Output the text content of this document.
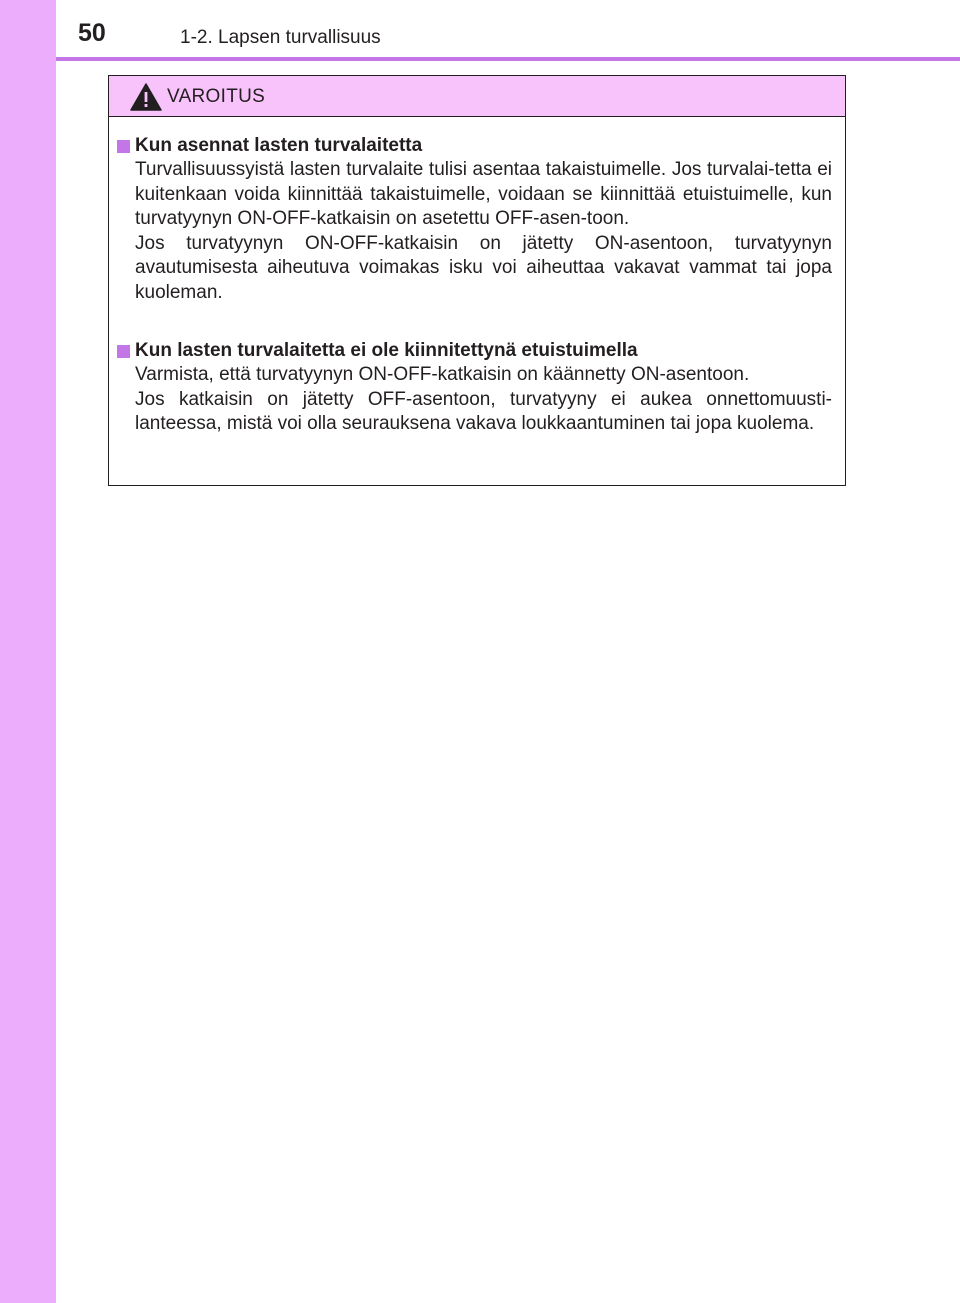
50	1-2. Lapsen turvallisuus
VAROITUS

Kun asennat lasten turvalaitetta

Turvallisuussyistä lasten turvalaite tulisi asentaa takaistuimelle. Jos turvalai-tetta ei kuitenkaan voida kiinnittää takaistuimelle, voidaan se kiinnittää etuistuimelle, kun turvatyynyn ON-OFF-katkaisin on asetettu OFF-asen-toon.

Jos turvatyynyn ON-OFF-katkaisin on jätetty ON-asentoon, turvatyynyn avautumisesta aiheutuva voimakas isku voi aiheuttaa vakavat vammat tai jopa kuoleman.

Kun lasten turvalaitetta ei ole kiinnitettynä etuistuimella

Varmista, että turvatyynyn ON-OFF-katkaisin on käännetty ON-asentoon.

Jos katkaisin on jätetty OFF-asentoon, turvatyyny ei aukea onnettomuusti-lanteessa, mistä voi olla seurauksena vakava loukkaantuminen tai jopa kuolema.
